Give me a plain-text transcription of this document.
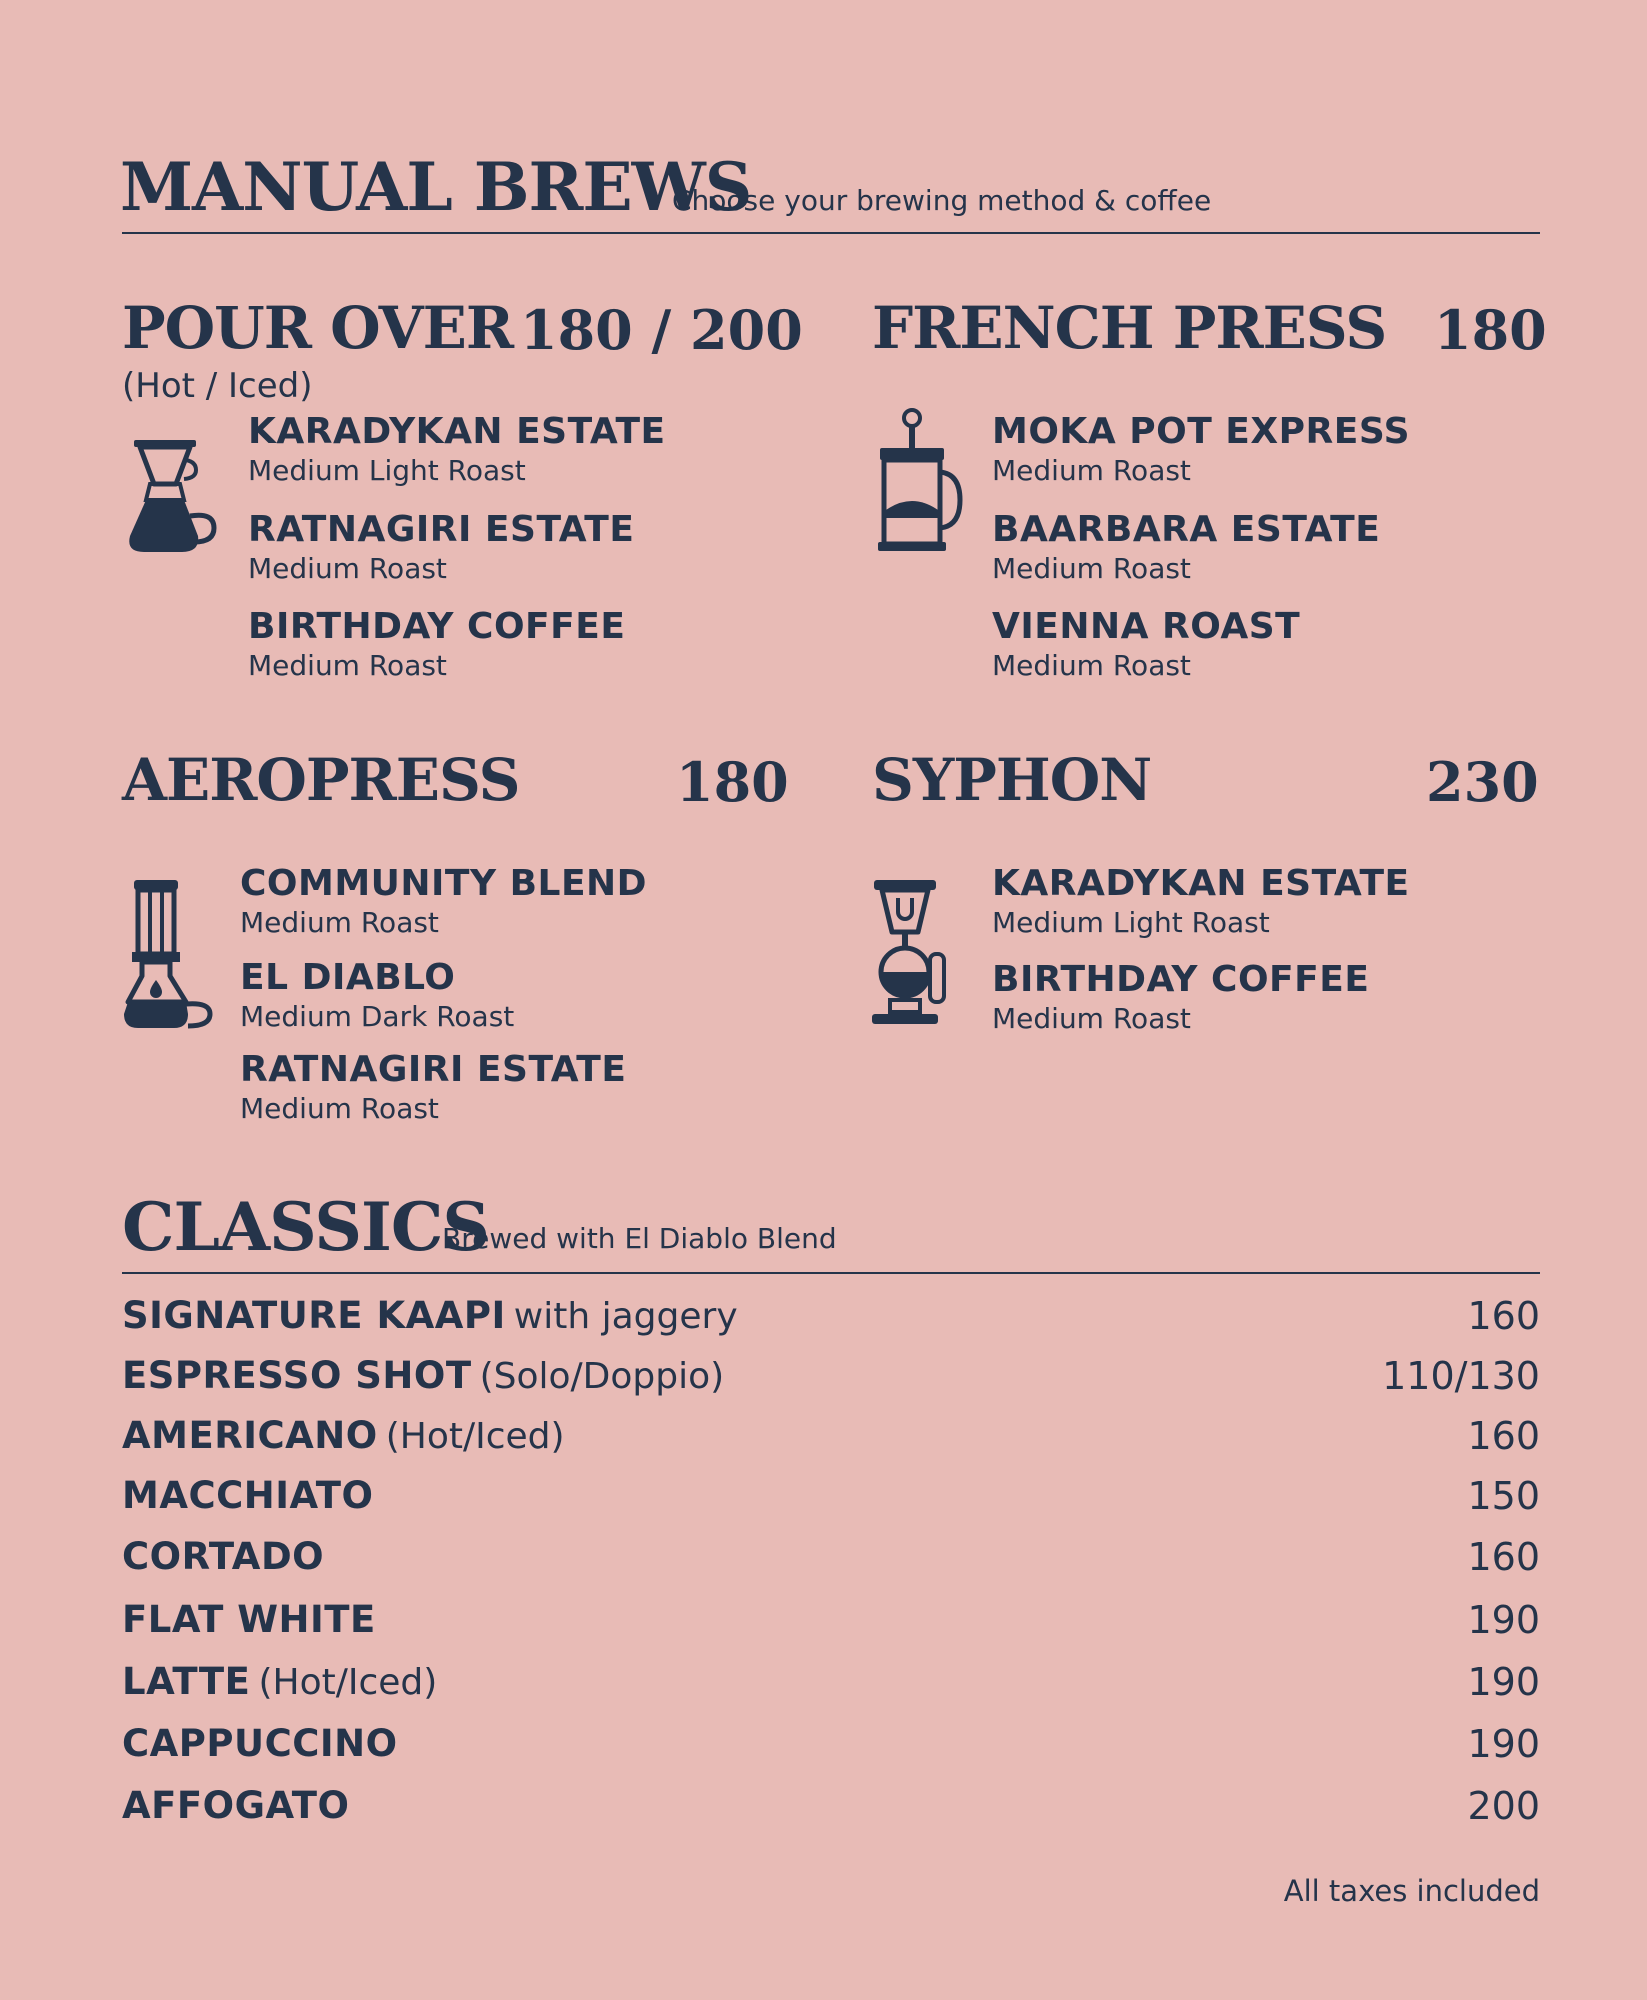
MANUAL BREWS
Choose your brewing method & coffee
POUR OVER 180 / 200
(Hot / Iced)
KARADYKAN ESTATE
Medium Light Roast
RATNAGIRI ESTATE
Medium Roast
BIRTHDAY COFFEE
Medium Roast
FRENCH PRESS 180
MOKA POT EXPRESS
Medium Roast
BAARBARA ESTATE
Medium Roast
VIENNA ROAST
Medium Roast
AEROPRESS	180
COMMUNITY BLEND
Medium Roast
EL DIABLO
Medium Dark Roast
RATNAGIRI ESTATE
Medium Roast
SYPHON	230
KARADYKAN ESTATE
Medium Light Roast
BIRTHDAY COFFEE
Medium Roast
CLASSICS
Brewed with El Diablo Blend
SIGNATURE KAAPI with jaggery	160
ESPRESSO SHOT (Solo/Doppio)	110/130
AMERICANO (Hot/Iced)	160
MACCHIATO	150
CORTADO	160
FLAT WHITE	190
LATTE (Hot/Iced)	190
CAPPUCCINO	190
AFFOGATO	200
All taxes included
